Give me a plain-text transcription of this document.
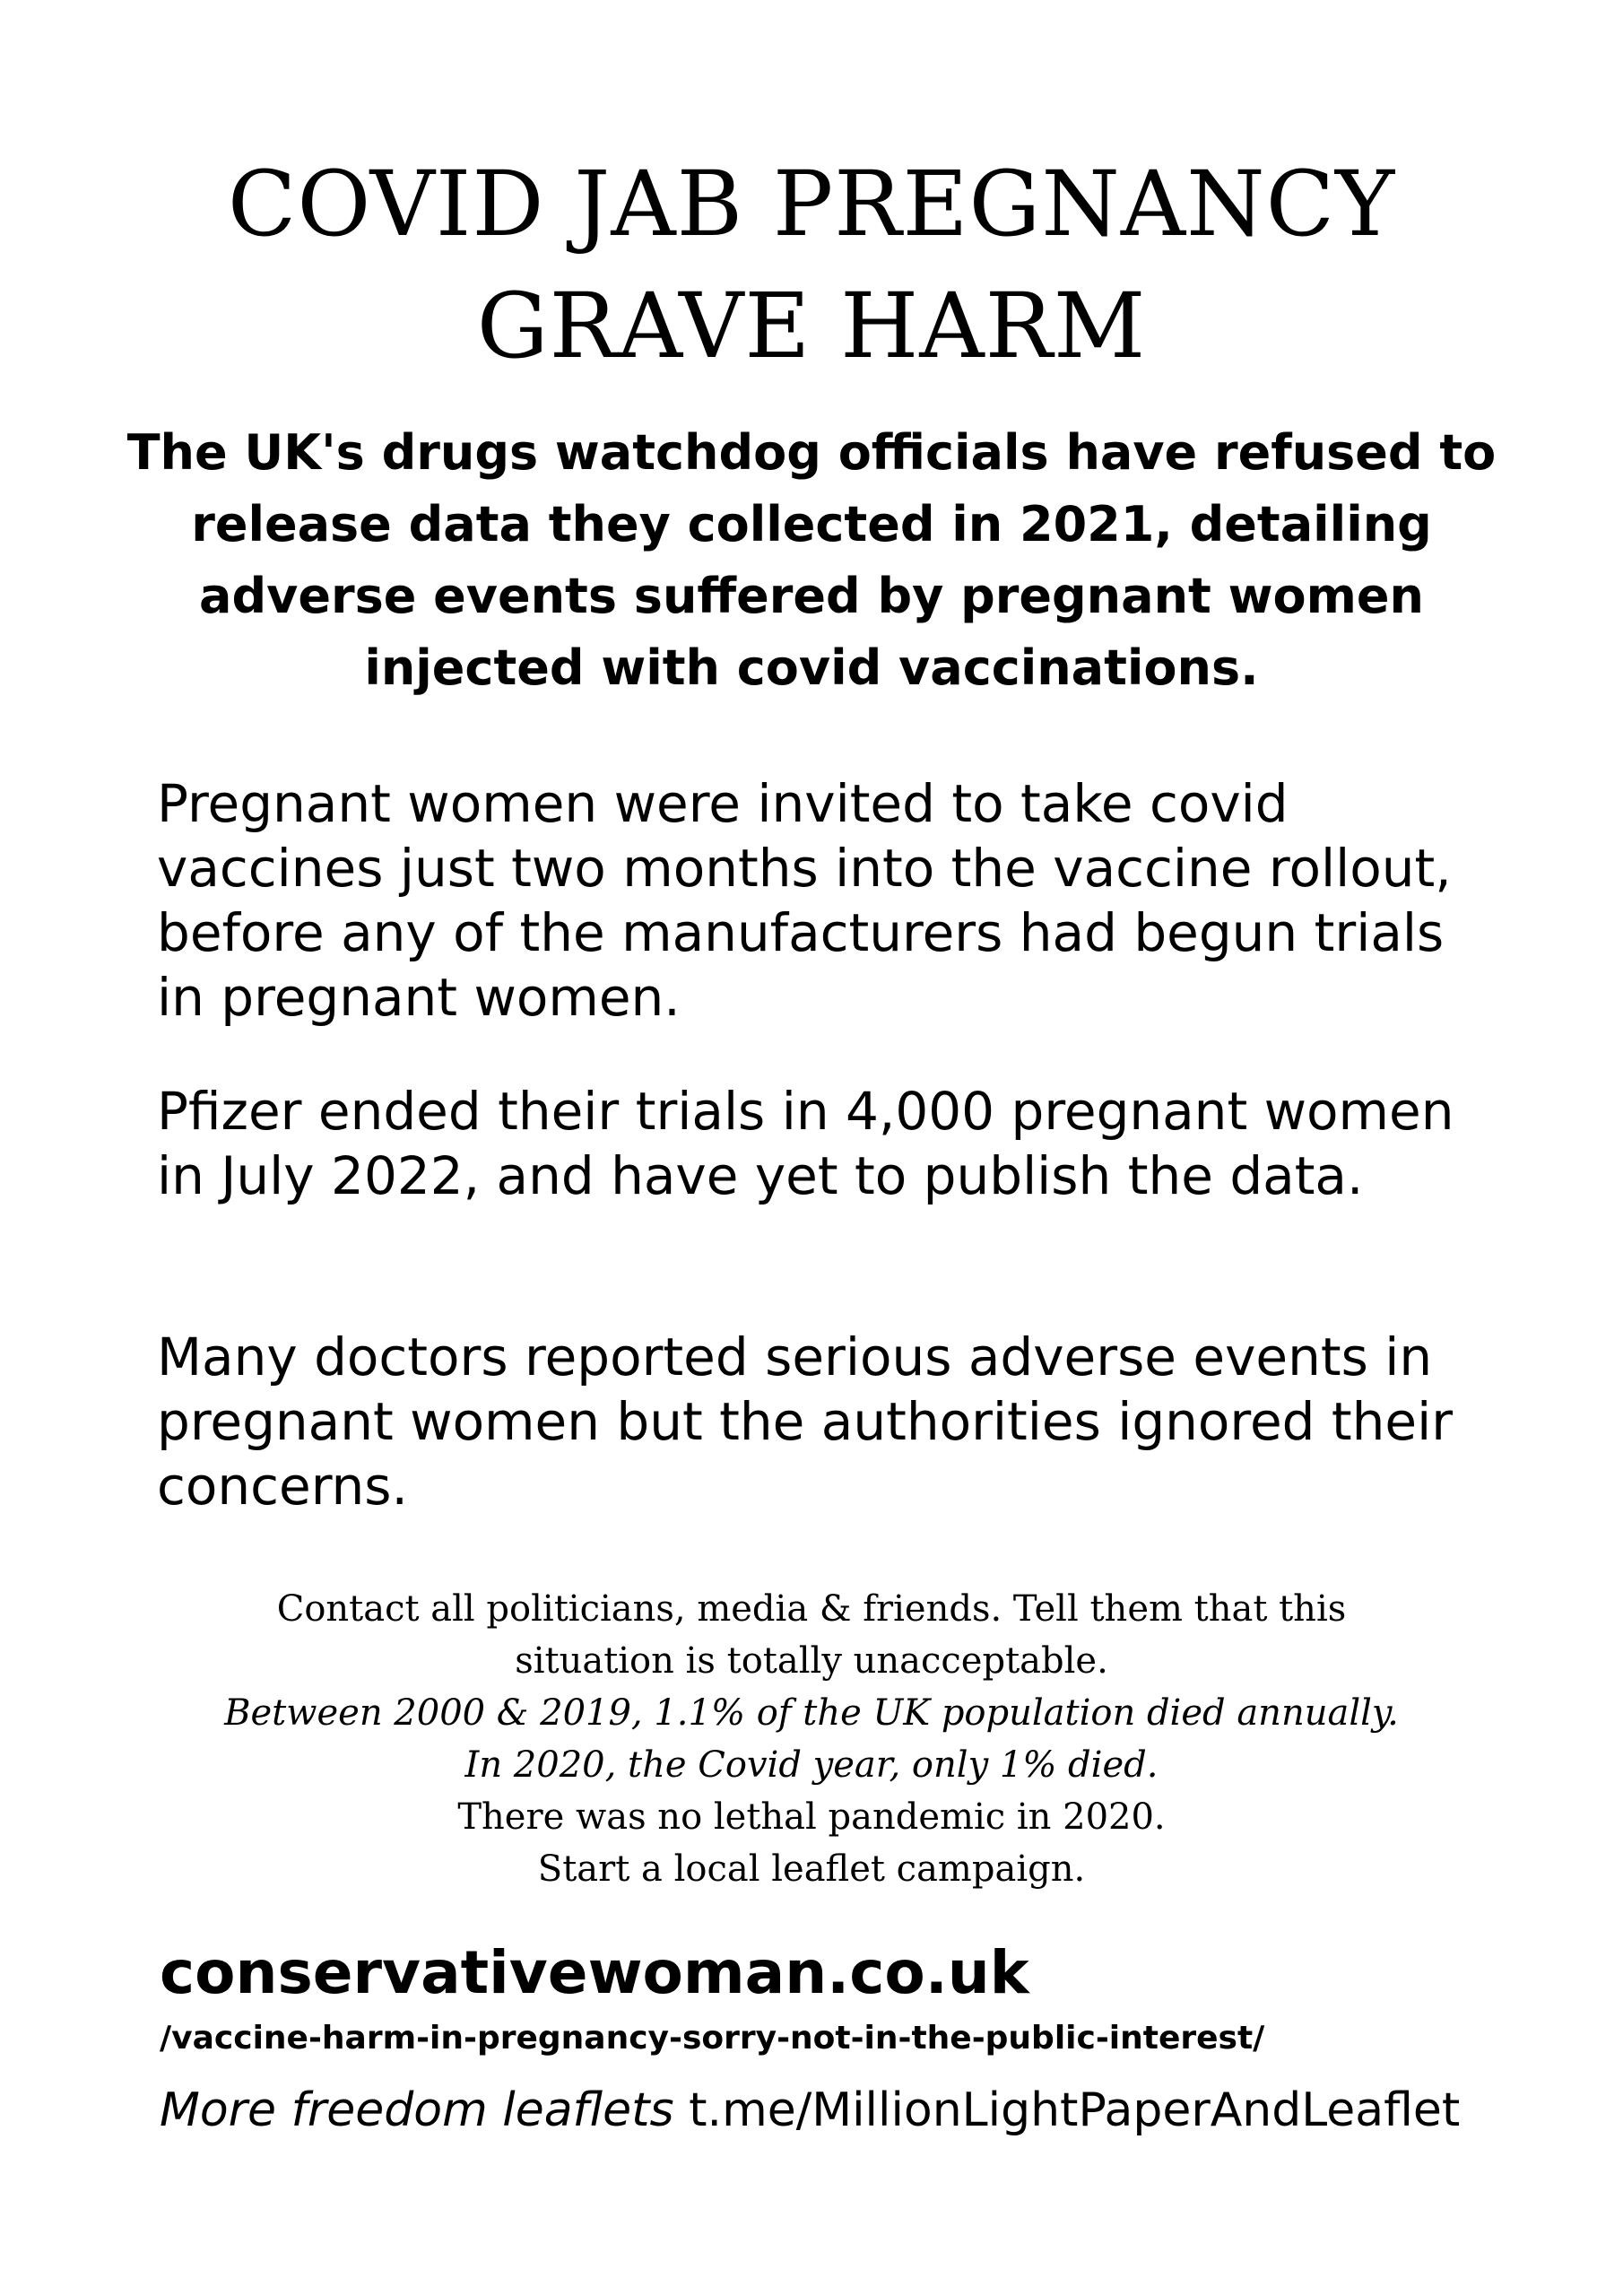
COVID JAB PREGNANCY
GRAVE HARM

The UK's drugs watchdog officials have refused to release data they collected in 2021, detailing adverse events suffered by pregnant women injected with covid vaccinations.

Pregnant women were invited to take covid vaccines just two months into the vaccine rollout, before any of the manufacturers had begun trials in pregnant women.

Pfizer ended their trials in 4,000 pregnant women in July 2022, and have yet to publish the data.

Many doctors reported serious adverse events in pregnant women but the authorities ignored their concerns.

Contact all politicians, media & friends. Tell them that this
situation is totally unacceptable.
Between 2000 & 2019, 1.1% of the UK population died annually.
In 2020, the Covid year, only 1% died.
There was no lethal pandemic in 2020.
Start a local leaflet campaign.
conservativewoman.co.uk
/vaccine-harm-in-pregnancy-sorry-not-in-the-public-interest/
More freedom leaflets t.me/MillionLightPaperAndLeaflet
